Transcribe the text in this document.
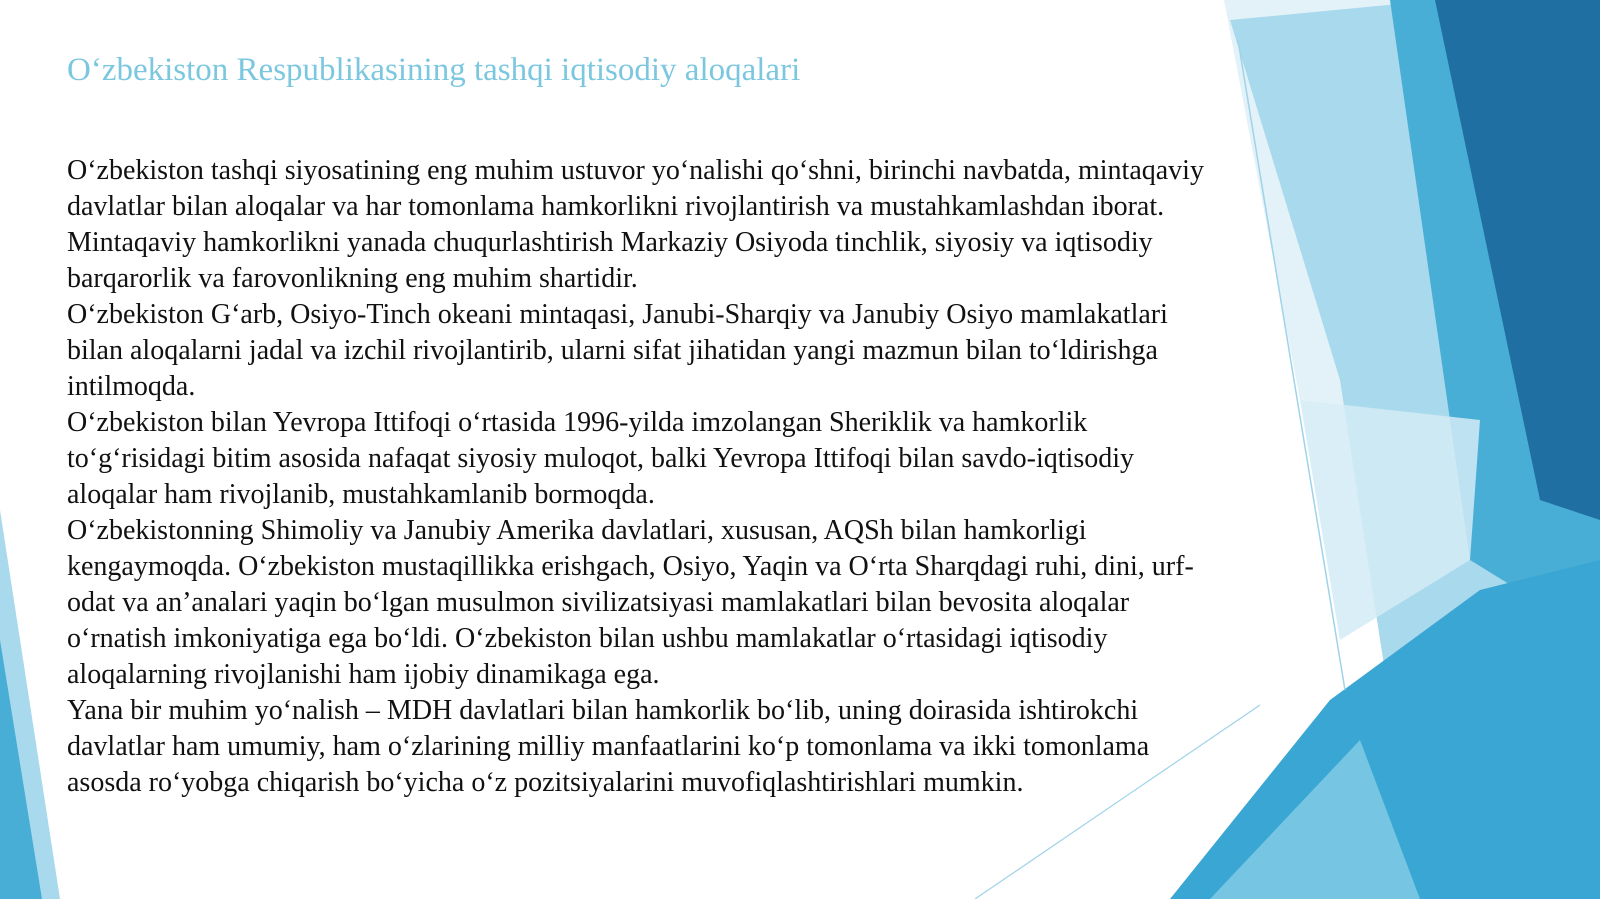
O‘zbekiston Respublikasining tashqi iqtisodiy aloqalari

O‘zbekiston tashqi siyosatining eng muhim ustuvor yo‘nalishi qo‘shni, birinchi navbatda, mintaqaviy davlatlar bilan aloqalar va har tomonlama hamkorlikni rivojlantirish va mustahkamlashdan iborat. Mintaqaviy hamkorlikni yanada chuqurlashtirish Markaziy Osiyoda tinchlik, siyosiy va iqtisodiy barqarorlik va farovonlikning eng muhim shartidir.

O‘zbekiston G‘arb, Osiyo-Tinch okeani mintaqasi, Janubi-Sharqiy va Janubiy Osiyo mamlakatlari bilan aloqalarni jadal va izchil rivojlantirib, ularni sifat jihatidan yangi mazmun bilan to‘ldirishga intilmoqda.

O‘zbekiston bilan Yevropa Ittifoqi o‘rtasida 1996-yilda imzolangan Sheriklik va hamkorlik to‘g‘risidagi bitim asosida nafaqat siyosiy muloqot, balki Yevropa Ittifoqi bilan savdo-iqtisodiy aloqalar ham rivojlanib, mustahkamlanib bormoqda.

O‘zbekistonning Shimoliy va Janubiy Amerika davlatlari, xususan, AQSh bilan hamkorligi kengaymoqda. O‘zbekiston mustaqillikka erishgach, Osiyo, Yaqin va O‘rta Sharqdagi ruhi, dini, urf-odat va an’analari yaqin bo‘lgan musulmon sivilizatsiyasi mamlakatlari bilan bevosita aloqalar o‘rnatish imkoniyatiga ega bo‘ldi. O‘zbekiston bilan ushbu mamlakatlar o‘rtasidagi iqtisodiy aloqalarning rivojlanishi ham ijobiy dinamikaga ega.

Yana bir muhim yo‘nalish – MDH davlatlari bilan hamkorlik bo‘lib, uning doirasida ishtirokchi davlatlar ham umumiy, ham o‘zlarining milliy manfaatlarini ko‘p tomonlama va ikki tomonlama asosda ro‘yobga chiqarish bo‘yicha o‘z pozitsiyalarini muvofiqlashtirishlari mumkin.
